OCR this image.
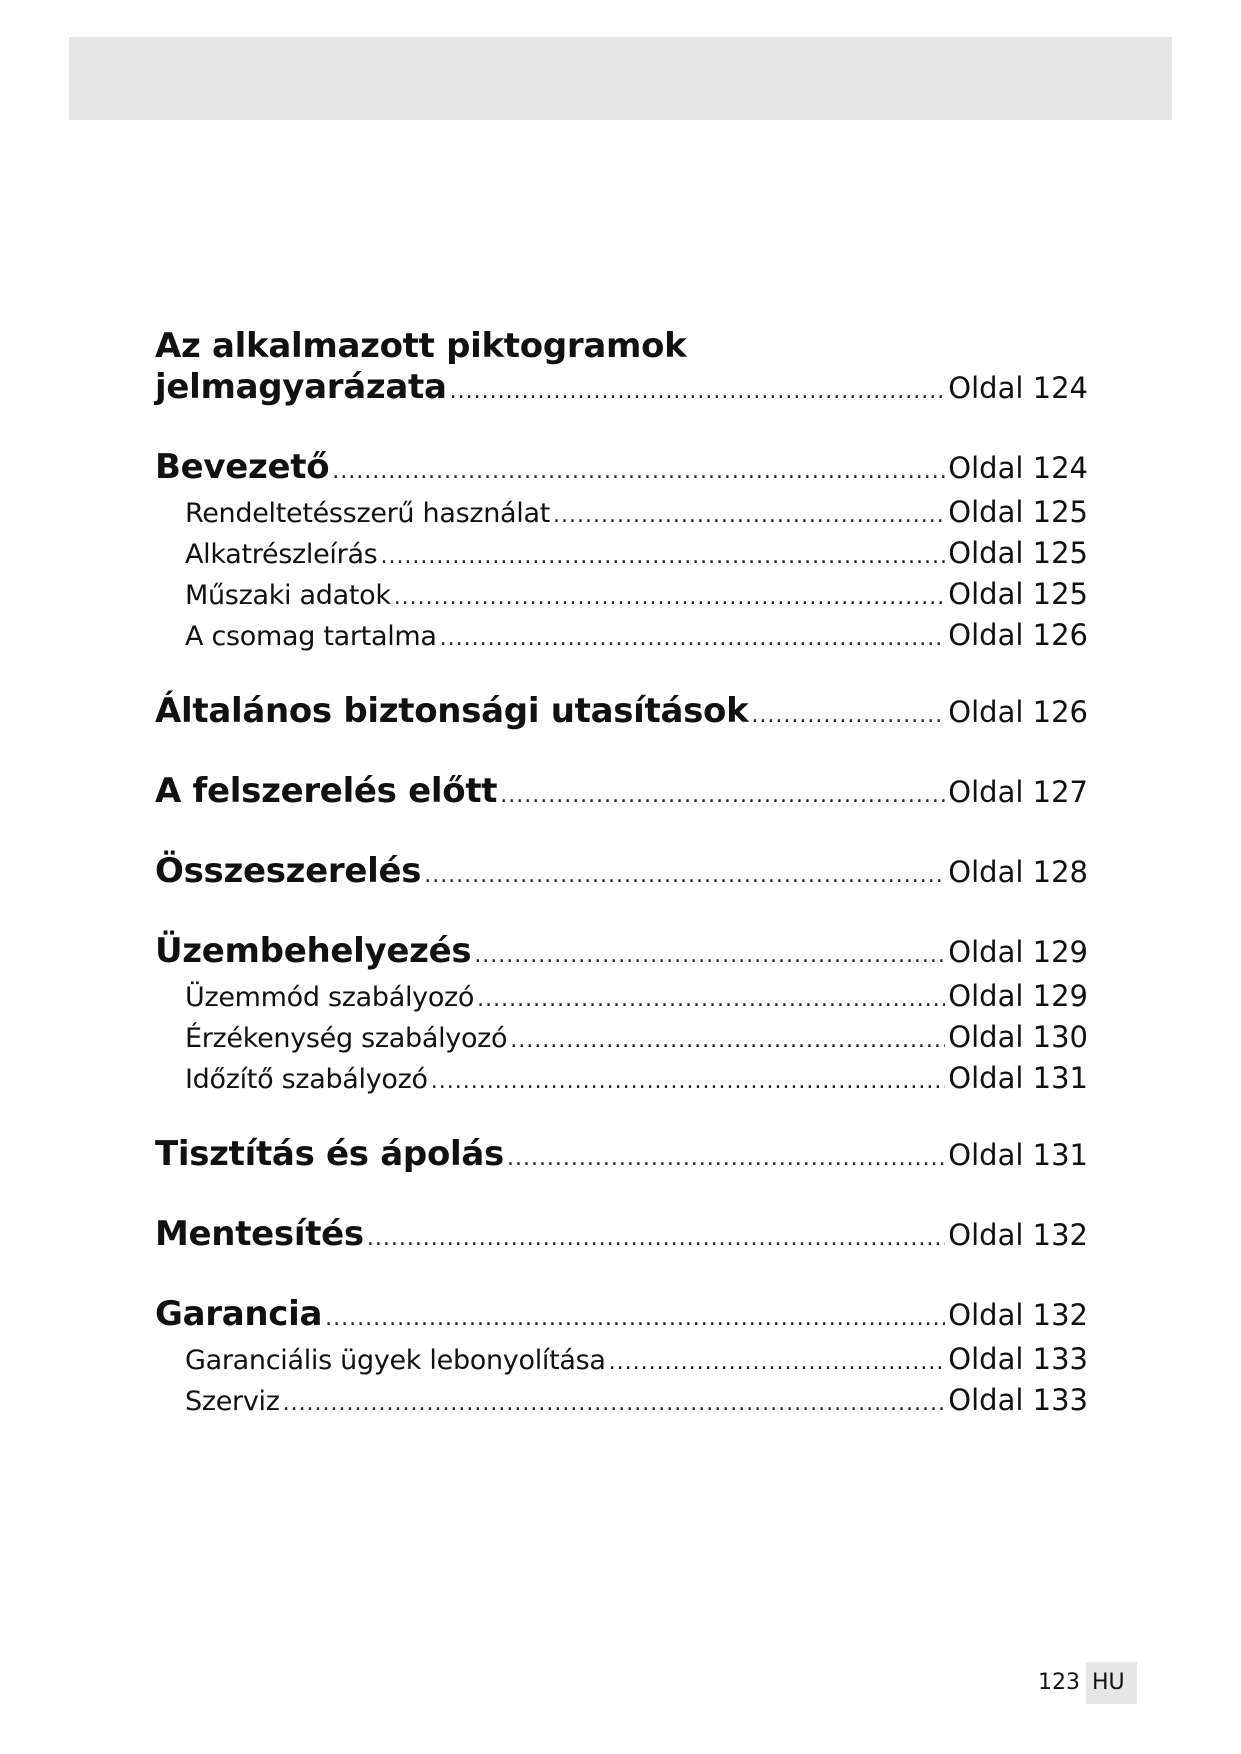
Az alkalmazott piktogramok
jelmagyarázata .....	Oldal 124
Bevezető .....	Oldal 124
Rendeltetésszerű használat .....	Oldal 125
Alkatrészleírás .....	Oldal 125
Műszaki adatok .....	Oldal 125
A csomag tartalma .....	Oldal 126
Általános biztonsági utasítások .....	Oldal 126
A felszerelés előtt .....	Oldal 127
Összeszerelés .....	Oldal 128
Üzembehelyezés .....	Oldal 129
Üzemmód szabályozó .....	Oldal 129
Érzékenység szabályozó .....	Oldal 130
Időzítő szabályozó .....	Oldal 131
Tisztítás és ápolás .....	Oldal 131
Mentesítés .....	Oldal 132
Garancia .....	Oldal 132
Garanciális ügyek lebonyolítása .....	Oldal 133
Szerviz .....	Oldal 133
123 HU
